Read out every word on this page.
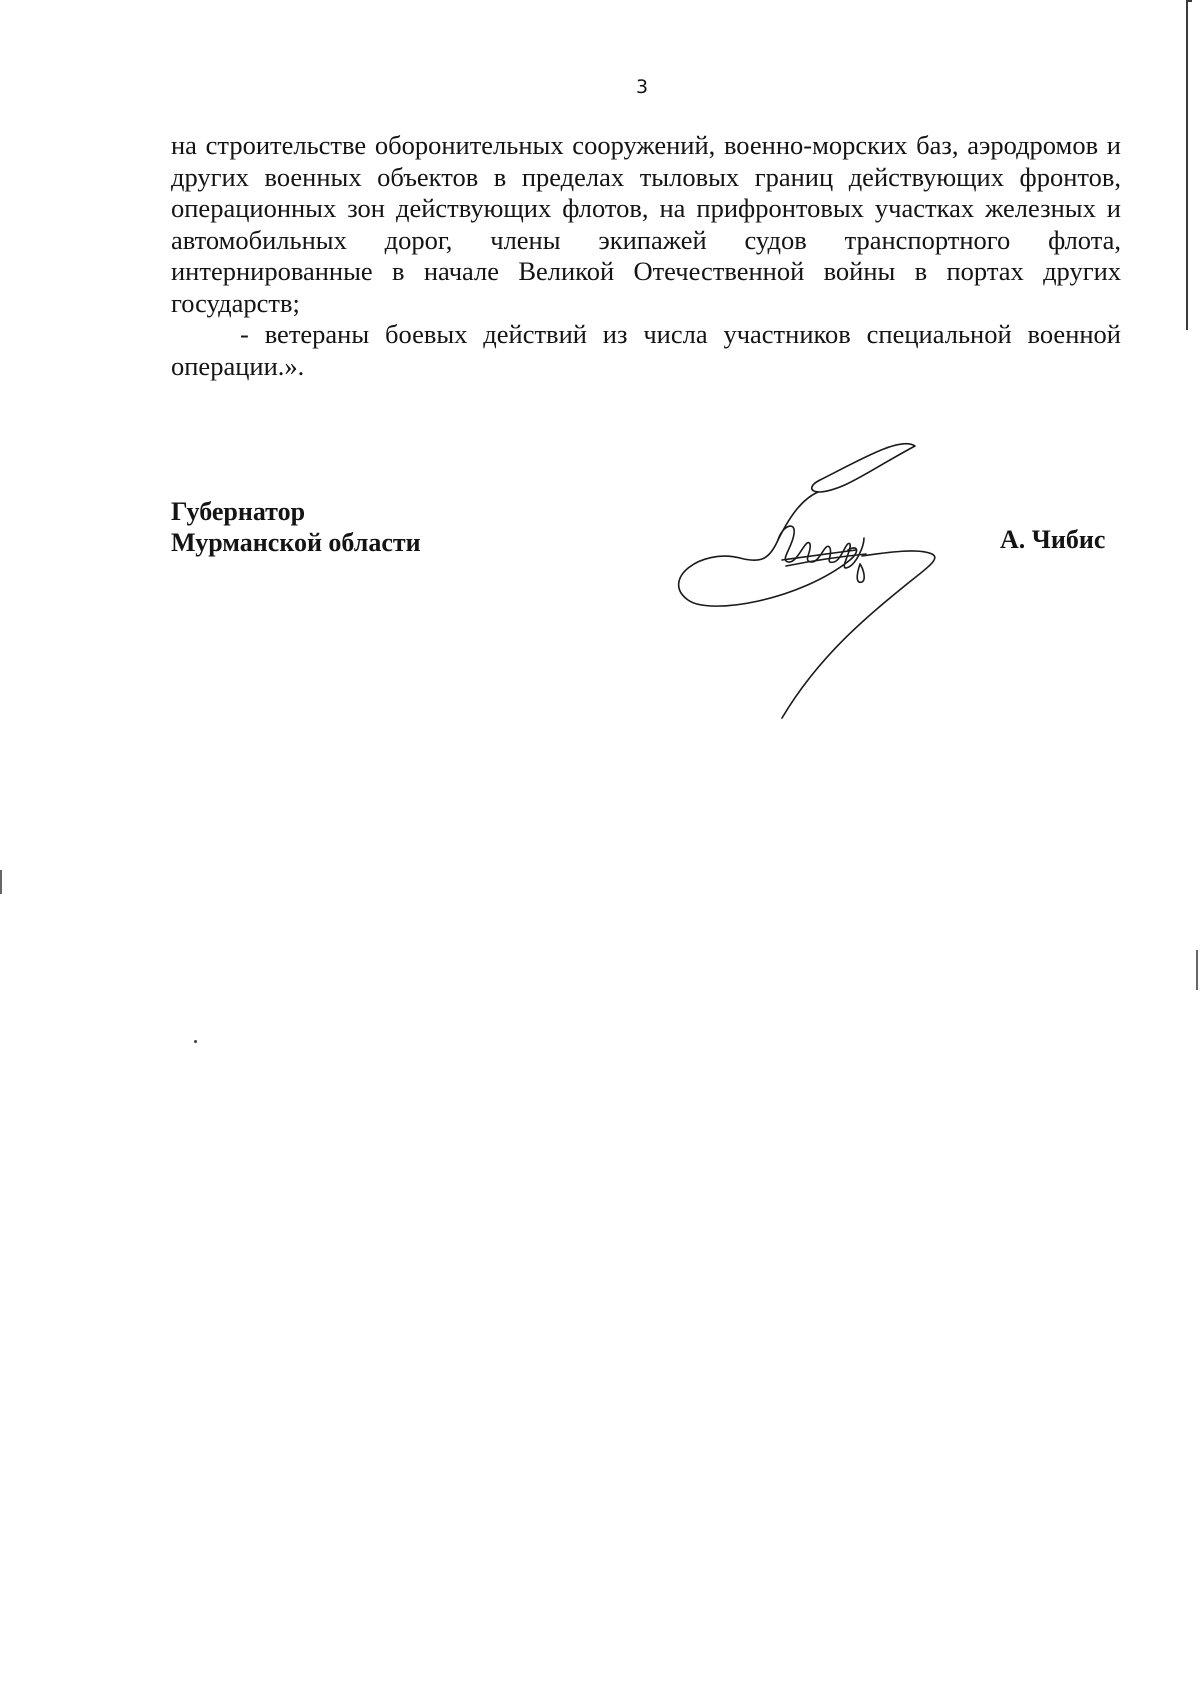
3

на строительстве оборонительных сооружений, военно-морских баз, аэродромов и других военных объектов в пределах тыловых границ действующих фронтов, операционных зон действующих флотов, на прифронтовых участках железных и автомобильных дорог, члены экипажей судов транспортного флота, интернированные в начале Великой Отечественной войны в портах других государств;

- ветераны боевых действий из числа участников специальной военной операции.».

Губернатор
Мурманской области	А. Чибис
